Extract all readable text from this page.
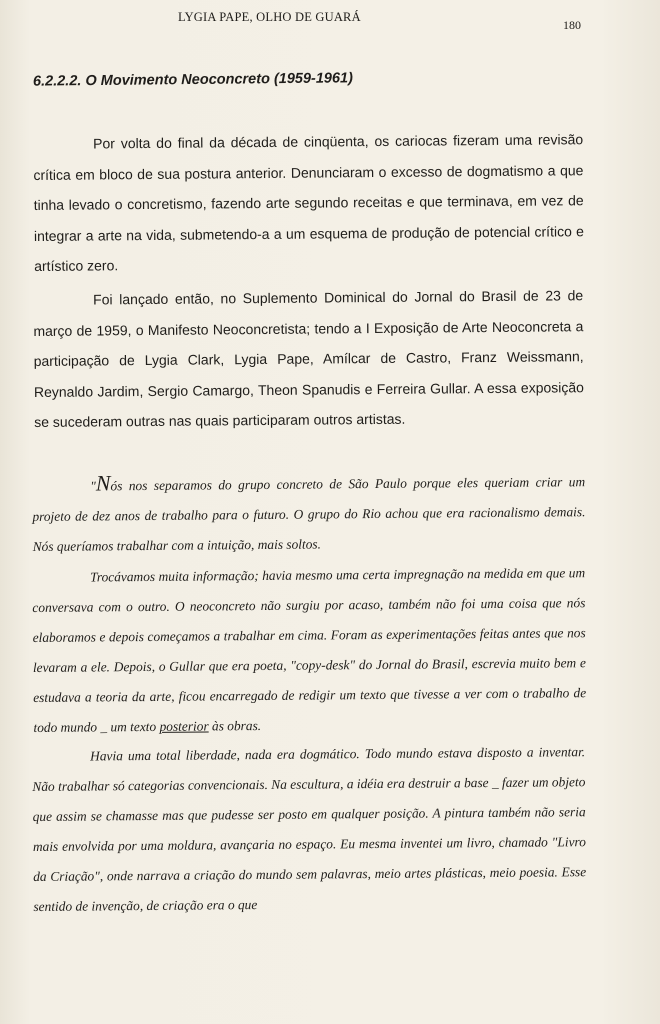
LYGIA PAPE, OLHO DE GUARÁ
180
6.2.2.2. O Movimento Neoconcreto (1959-1961)

Por volta do final da década de cinqüenta, os cariocas fizeram uma revisão crítica em bloco de sua postura anterior. Denunciaram o excesso de dogmatismo a que tinha levado o concretismo, fazendo arte segundo receitas e que terminava, em vez de integrar a arte na vida, submetendo-a a um esquema de produção de potencial crítico e artístico zero.

Foi lançado então, no Suplemento Dominical do Jornal do Brasil de 23 de março de 1959, o Manifesto Neoconcretista; tendo a I Exposição de Arte Neoconcreta a participação de Lygia Clark, Lygia Pape, Amílcar de Castro, Franz Weissmann, Reynaldo Jardim, Sergio Camargo, Theon Spanudis e Ferreira Gullar. A essa exposição se sucederam outras nas quais participaram outros artistas.

"Nós nos separamos do grupo concreto de São Paulo porque eles queriam criar um projeto de dez anos de trabalho para o futuro. O grupo do Rio achou que era racionalismo demais. Nós queríamos trabalhar com a intuição, mais soltos.

Trocávamos muita informação; havia mesmo uma certa impregnação na medida em que um conversava com o outro. O neoconcreto não surgiu por acaso, também não foi uma coisa que nós elaboramos e depois começamos a trabalhar em cima. Foram as experimentações feitas antes que nos levaram a ele. Depois, o Gullar que era poeta, "copy-desk" do Jornal do Brasil, escrevia muito bem e estudava a teoria da arte, ficou encarregado de redigir um texto que tivesse a ver com o trabalho de todo mundo _ um texto posterior às obras.

Havia uma total liberdade, nada era dogmático. Todo mundo estava disposto a inventar. Não trabalhar só categorias convencionais. Na escultura, a idéia era destruir a base _ fazer um objeto que assim se chamasse mas que pudesse ser posto em qualquer posição. A pintura também não seria mais envolvida por uma moldura, avançaria no espaço. Eu mesma inventei um livro, chamado "Livro da Criação", onde narrava a criação do mundo sem palavras, meio artes plásticas, meio poesia. Esse sentido de invenção, de criação era o que
